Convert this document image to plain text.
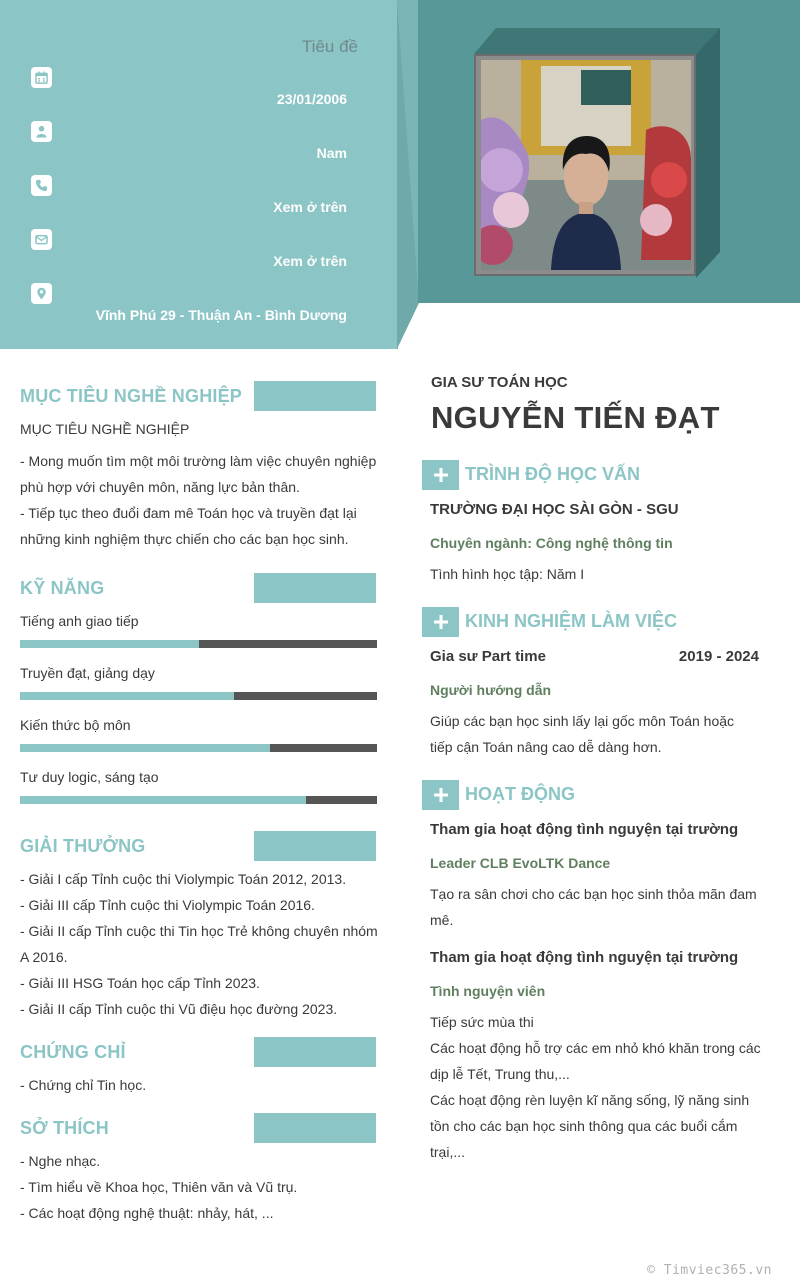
Tiêu đề
23/01/2006
Nam
Xem ở trên
Xem ở trên
Vĩnh Phú 29 - Thuận An - Bình Dương
MỤC TIÊU NGHỀ NGHIỆP
MỤC TIÊU NGHỀ NGHIỆP
- Mong muốn tìm một môi trường làm việc chuyên nghiệp
phù hợp với chuyên môn, năng lực bản thân.
- Tiếp tục theo đuổi đam mê Toán học và truyền đạt lại
những kinh nghiệm thực chiến cho các bạn học sinh.
KỸ NĂNG
Tiếng anh giao tiếp
Truyền đạt, giảng dạy
Kiến thức bộ môn
Tư duy logic, sáng tạo
GIẢI THƯỞNG
- Giải I cấp Tỉnh cuộc thi Violympic Toán 2012, 2013.
- Giải III cấp Tỉnh cuộc thi Violympic Toán 2016.
- Giải II cấp Tỉnh cuộc thi Tin học Trẻ không chuyên nhóm
A 2016.
- Giải III HSG Toán học cấp Tỉnh 2023.
- Giải II cấp Tỉnh cuộc thi Vũ điệu học đường 2023.
CHỨNG CHỈ
- Chứng chỉ Tin học.
SỞ THÍCH
- Nghe nhạc.
- Tìm hiểu về Khoa học, Thiên văn và Vũ trụ.
- Các hoạt động nghệ thuật: nhảy, hát, ...
GIA SƯ TOÁN HỌC
NGUYỄN TIẾN ĐẠT
TRÌNH ĐỘ HỌC VẤN
TRƯỜNG ĐẠI HỌC SÀI GÒN - SGU
Chuyên ngành: Công nghệ thông tin
Tình hình học tập: Năm I
KINH NGHIỆM LÀM VIỆC
Gia sư Part time	2019 - 2024
Người hướng dẫn
Giúp các bạn học sinh lấy lại gốc môn Toán hoặc
tiếp cận Toán nâng cao dễ dàng hơn.
HOẠT ĐỘNG
Tham gia hoạt động tình nguyện tại trường
Leader CLB EvoLTK Dance
Tạo ra sân chơi cho các bạn học sinh thỏa mãn đam
mê.
Tham gia hoạt động tình nguyện tại trường
Tình nguyện viên
Tiếp sức mùa thi
Các hoạt động hỗ trợ các em nhỏ khó khăn trong các
dịp lễ Tết, Trung thu,...
Các hoạt động rèn luyện kĩ năng sống, lỹ năng sinh
tồn cho các bạn học sinh thông qua các buổi cắm
trại,...
© Timviec365.vn
